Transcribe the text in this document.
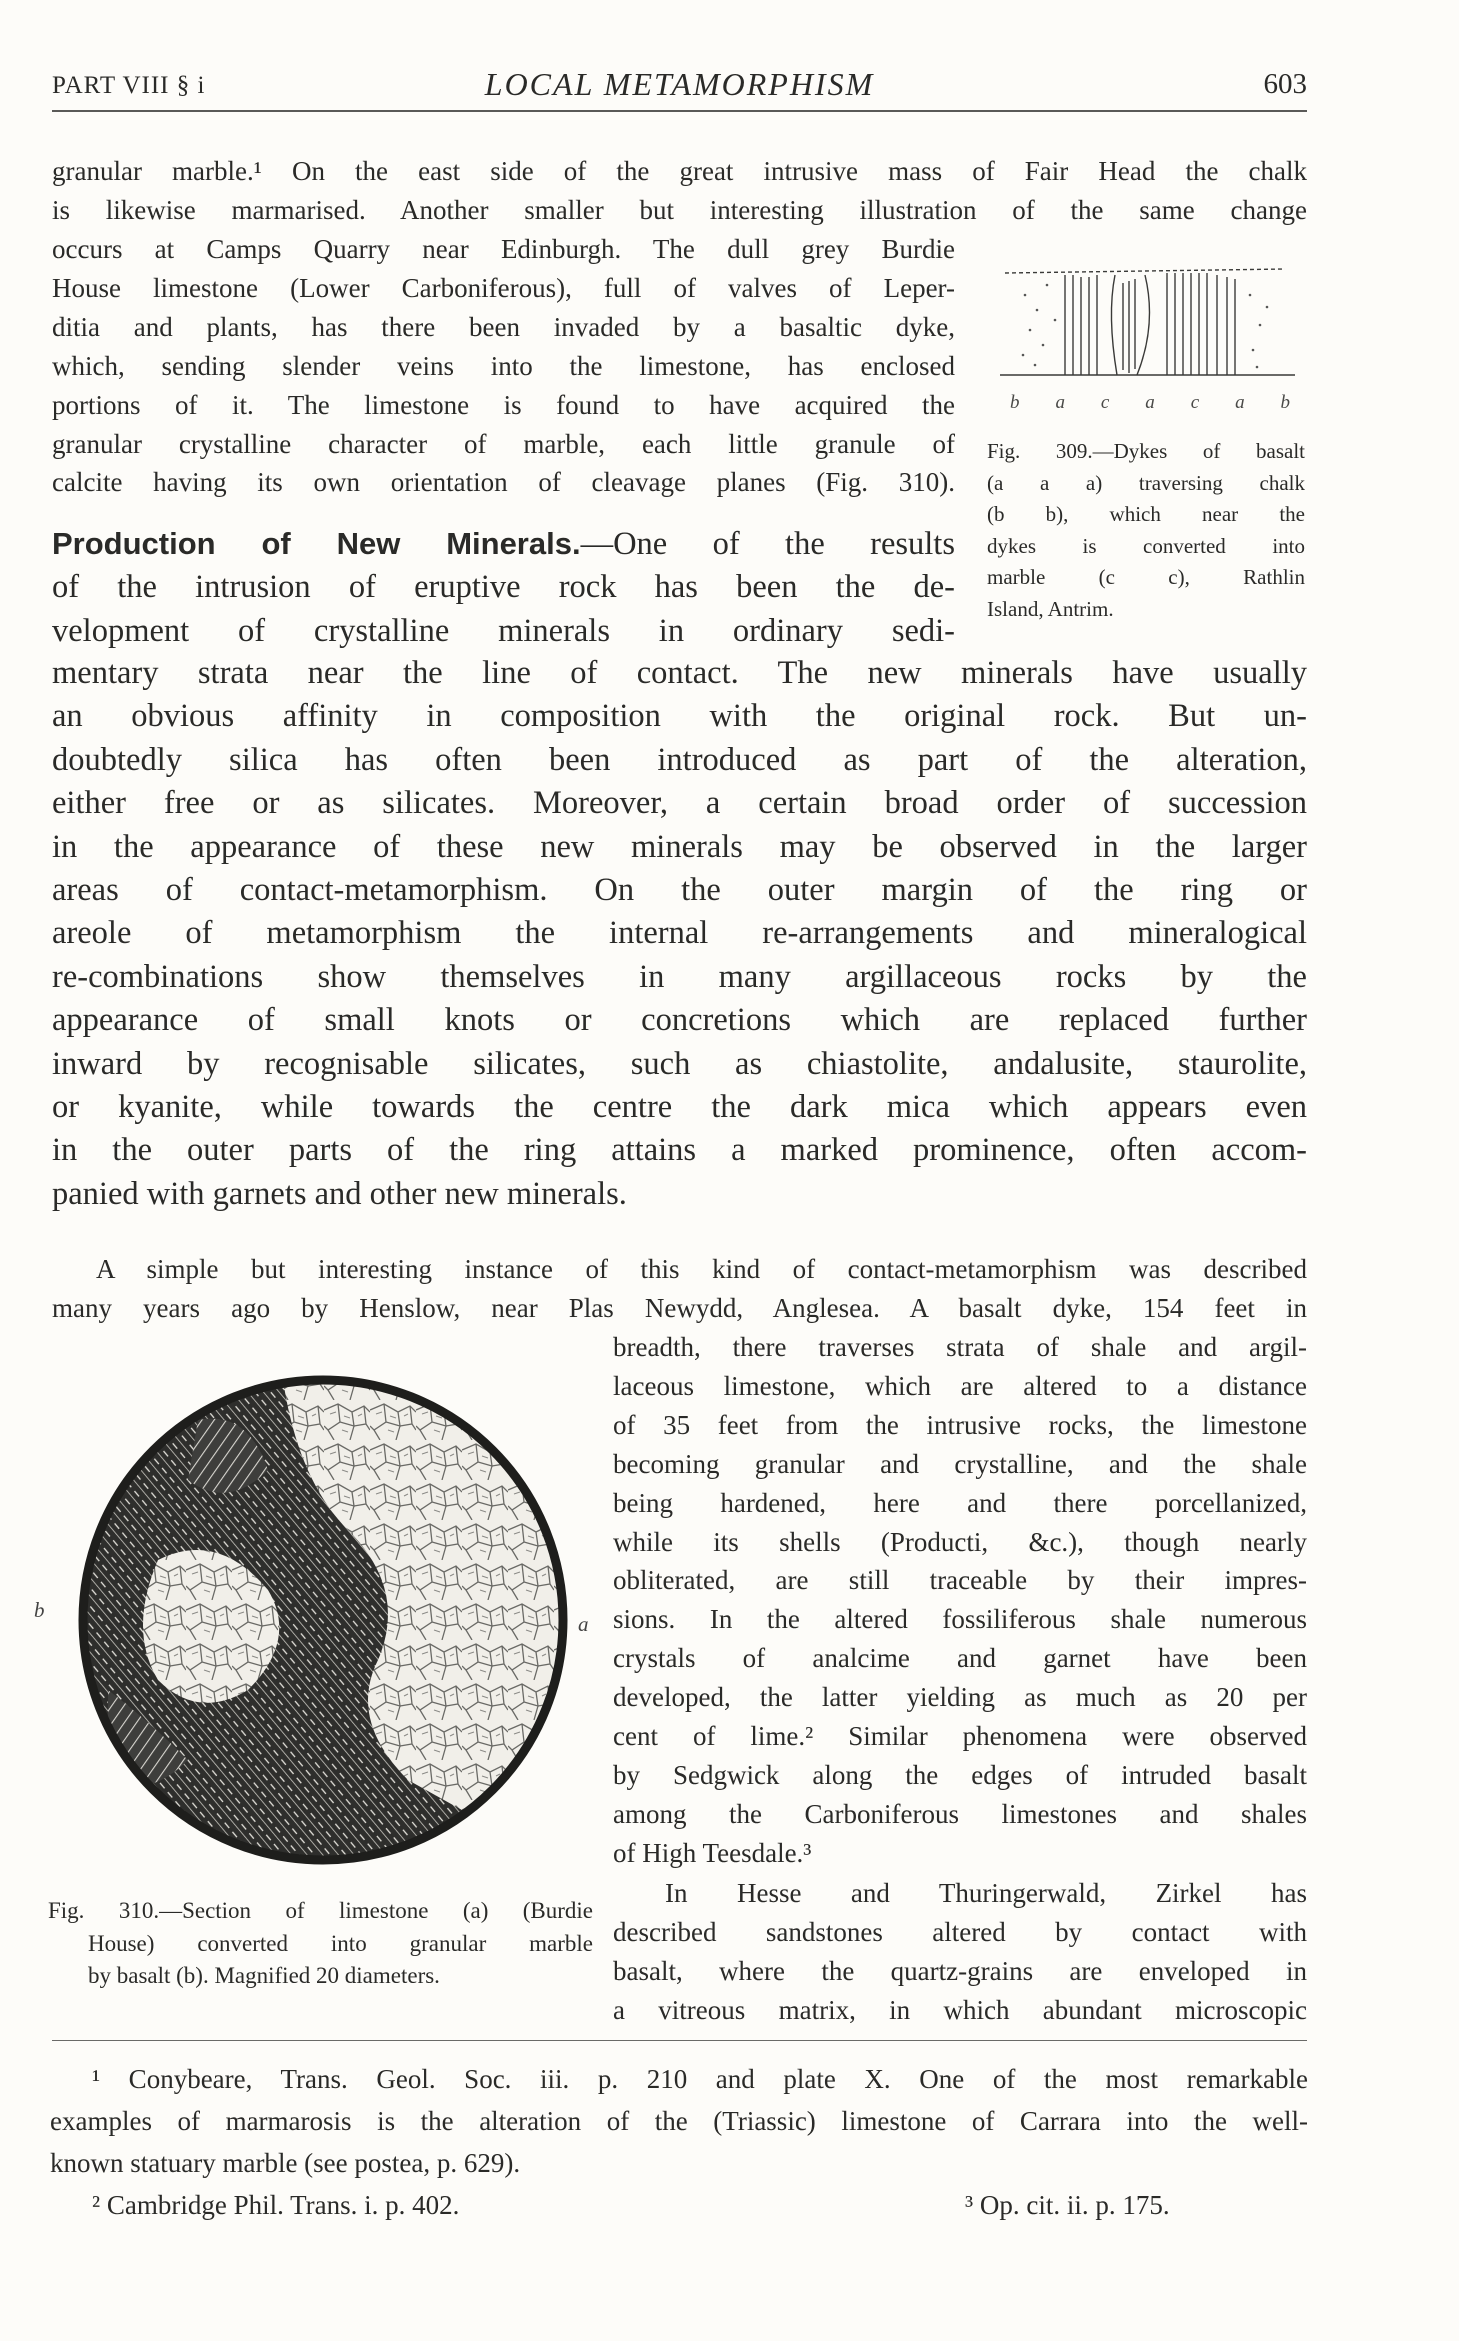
PART VIII § i	LOCAL METAMORPHISM	603
granular marble.¹ On the east side of the great intrusive mass of Fair Head the chalk
is likewise marmarised. Another smaller but interesting illustration of the same change
occurs at Camps Quarry near Edinburgh. The dull grey Burdie
House limestone (Lower Carboniferous), full of valves of Leper-
ditia and plants, has there been invaded by a basaltic dyke,
which, sending slender veins into the limestone, has enclosed
portions of it. The limestone is found to have acquired the
granular crystalline character of marble, each little granule of
calcite having its own orientation of cleavage planes (Fig. 310).
b a c a c a b
Fig. 309.—Dykes of basalt
(a a a) traversing chalk
(b b), which near the
dykes is converted into
marble (c c), Rathlin
Island, Antrim.
Production of New Minerals.—One of the results
of the intrusion of eruptive rock has been the de-
velopment of crystalline minerals in ordinary sedi-
mentary strata near the line of contact. The new minerals have usually
an obvious affinity in composition with the original rock. But un-
doubtedly silica has often been introduced as part of the alteration,
either free or as silicates. Moreover, a certain broad order of succession
in the appearance of these new minerals may be observed in the larger
areas of contact-metamorphism. On the outer margin of the ring or
areole of metamorphism the internal re-arrangements and mineralogical
re-combinations show themselves in many argillaceous rocks by the
appearance of small knots or concretions which are replaced further
inward by recognisable silicates, such as chiastolite, andalusite, staurolite,
or kyanite, while towards the centre the dark mica which appears even
in the outer parts of the ring attains a marked prominence, often accom-
panied with garnets and other new minerals.
A simple but interesting instance of this kind of contact-metamorphism was described
many years ago by Henslow, near Plas Newydd, Anglesea. A basalt dyke, 154 feet in
breadth, there traverses strata of shale and argil-
laceous limestone, which are altered to a distance
of 35 feet from the intrusive rocks, the limestone
becoming granular and crystalline, and the shale
being hardened, here and there porcellanized,
while its shells (Producti, &c.), though nearly
obliterated, are still traceable by their impres-
sions. In the altered fossiliferous shale numerous
crystals of analcime and garnet have been
developed, the latter yielding as much as 20 per
cent of lime.² Similar phenomena were observed
by Sedgwick along the edges of intruded basalt
among the Carboniferous limestones and shales
of High Teesdale.³
In Hesse and Thuringerwald, Zirkel has
described sandstones altered by contact with
basalt, where the quartz-grains are enveloped in
a vitreous matrix, in which abundant microscopic
b
a
Fig. 310.—Section of limestone (a) (Burdie
House) converted into granular marble
by basalt (b). Magnified 20 diameters.

¹ Conybeare, Trans. Geol. Soc. iii. p. 210 and plate X. One of the most remarkable

examples of marmarosis is the alteration of the (Triassic) limestone of Carrara into the well-

known statuary marble (see postea, p. 629).

² Cambridge Phil. Trans. i. p. 402.	³ Op. cit. ii. p. 175.
